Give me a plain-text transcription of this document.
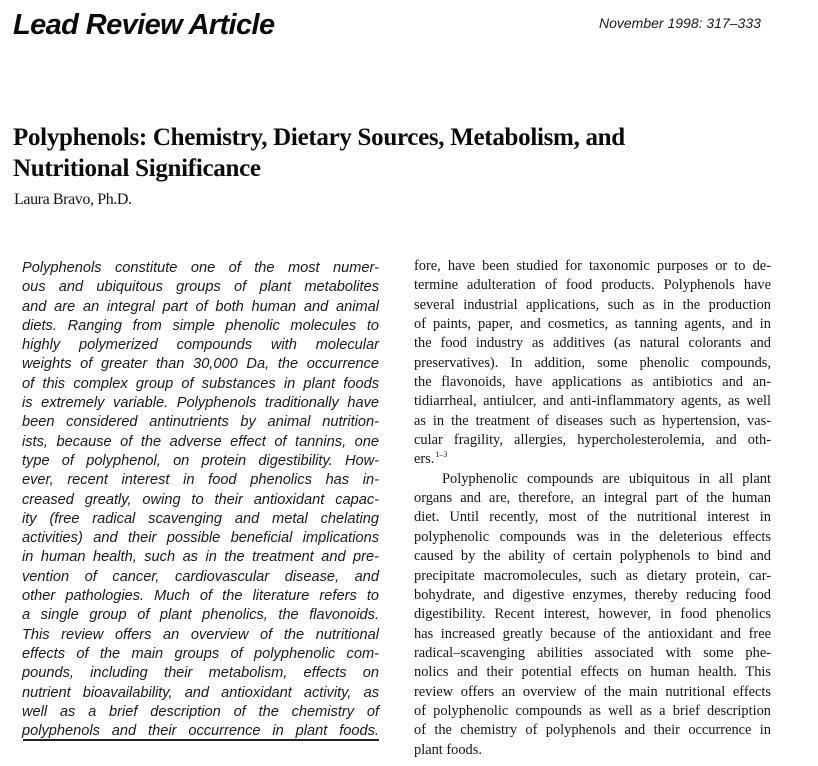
Lead Review Article	November 1998: 317–333

Polyphenols: Chemistry, Dietary Sources, Metabolism, and
Nutritional Significance

Laura Bravo, Ph.D.

Polyphenols constitute one of the most numer-
ous and ubiquitous groups of plant metabolites
and are an integral part of both human and animal
diets. Ranging from simple phenolic molecules to
highly polymerized compounds with molecular
weights of greater than 30,000 Da, the occurrence
of this complex group of substances in plant foods
is extremely variable. Polyphenols traditionally have
been considered antinutrients by animal nutrition-
ists, because of the adverse effect of tannins, one
type of polyphenol, on protein digestibility. How-
ever, recent interest in food phenolics has in-
creased greatly, owing to their antioxidant capac-
ity (free radical scavenging and metal chelating
activities) and their possible beneficial implications
in human health, such as in the treatment and pre-
vention of cancer, cardiovascular disease, and
other pathologies. Much of the literature refers to
a single group of plant phenolics, the flavonoids.
This review offers an overview of the nutritional
effects of the main groups of polyphenolic com-
pounds, including their metabolism, effects on
nutrient bioavailability, and antioxidant activity, as
well as a brief description of the chemistry of
polyphenols and their occurrence in plant foods.
fore, have been studied for taxonomic purposes or to de-
termine adulteration of food products. Polyphenols have
several industrial applications, such as in the production
of paints, paper, and cosmetics, as tanning agents, and in
the food industry as additives (as natural colorants and
preservatives). In addition, some phenolic compounds,
the flavonoids, have applications as antibiotics and an-
tidiarrheal, antiulcer, and anti-inflammatory agents, as well
as in the treatment of diseases such as hypertension, vas-
cular fragility, allergies, hypercholesterolemia, and oth-
ers.$^{1-3}$
Polyphenolic compounds are ubiquitous in all plant
organs and are, therefore, an integral part of the human
diet. Until recently, most of the nutritional interest in
polyphenolic compounds was in the deleterious effects
caused by the ability of certain polyphenols to bind and
precipitate macromolecules, such as dietary protein, car-
bohydrate, and digestive enzymes, thereby reducing food
digestibility. Recent interest, however, in food phenolics
has increased greatly because of the antioxidant and free
radical–scavenging abilities associated with some phe-
nolics and their potential effects on human health. This
review offers an overview of the main nutritional effects
of polyphenolic compounds as well as a brief description
of the chemistry of polyphenols and their occurrence in
plant foods.
